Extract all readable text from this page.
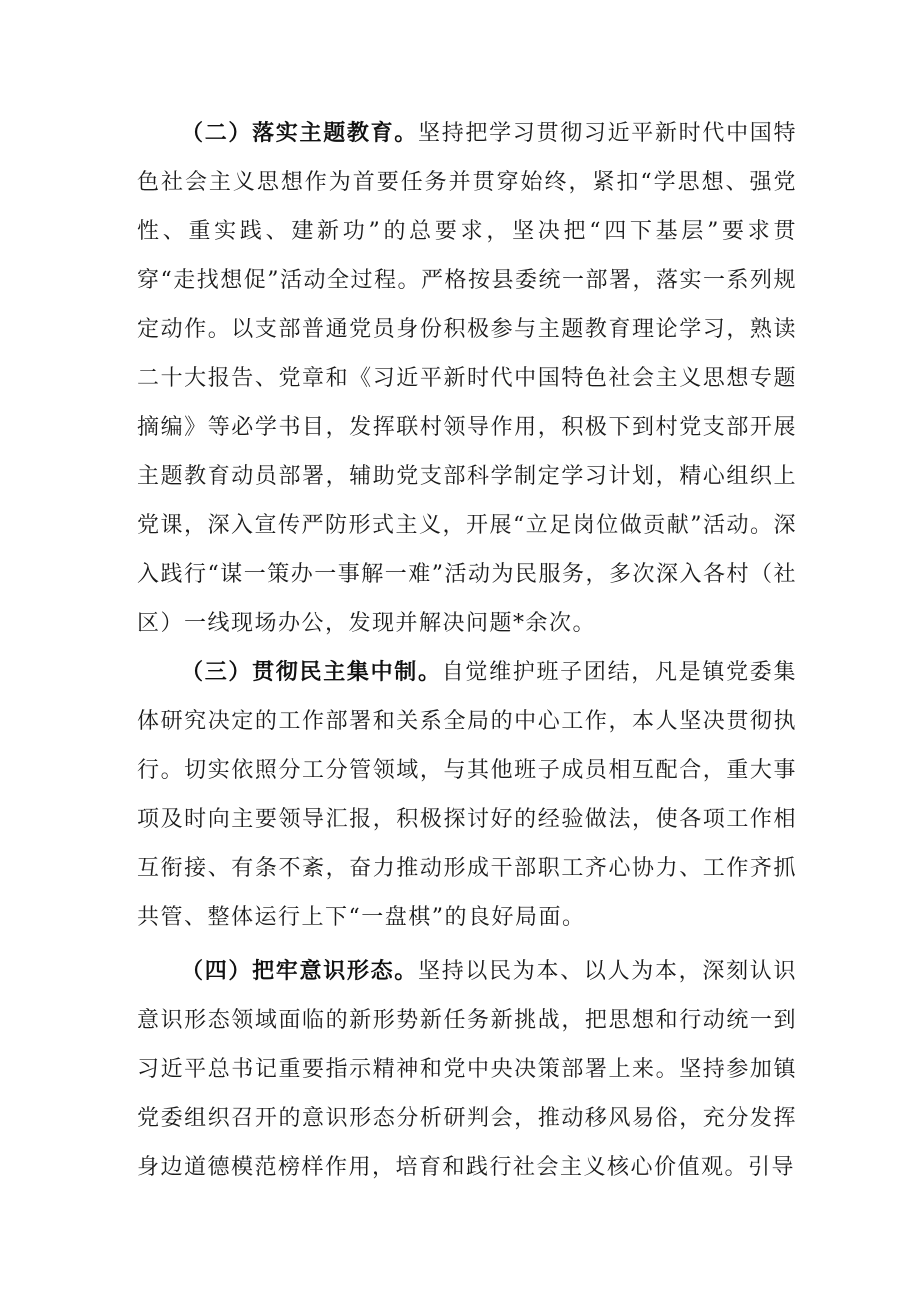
（二）落实主题教育。坚持把学习贯彻习近平新时代中国特色社会主义思想作为首要任务并贯穿始终，紧扣“学思想、强党性、重实践、建新功”的总要求，坚决把“四下基层”要求贯穿“走找想促”活动全过程。严格按县委统一部署，落实一系列规定动作。以支部普通党员身份积极参与主题教育理论学习，熟读二十大报告、党章和《习近平新时代中国特色社会主义思想专题摘编》等必学书目，发挥联村领导作用，积极下到村党支部开展主题教育动员部署，辅助党支部科学制定学习计划，精心组织上党课，深入宣传严防形式主义，开展“立足岗位做贡献”活动。深入践行“谋一策办一事解一难”活动为民服务，多次深入各村（社区）一线现场办公，发现并解决问题*余次。

（三）贯彻民主集中制。自觉维护班子团结，凡是镇党委集体研究决定的工作部署和关系全局的中心工作，本人坚决贯彻执行。切实依照分工分管领域，与其他班子成员相互配合，重大事项及时向主要领导汇报，积极探讨好的经验做法，使各项工作相互衔接、有条不紊，奋力推动形成干部职工齐心协力、工作齐抓共管、整体运行上下“一盘棋”的良好局面。

（四）把牢意识形态。坚持以民为本、以人为本，深刻认识意识形态领域面临的新形势新任务新挑战，把思想和行动统一到习近平总书记重要指示精神和党中央决策部署上来。坚持参加镇党委组织召开的意识形态分析研判会，推动移风易俗，充分发挥身边道德模范榜样作用，培育和践行社会主义核心价值观。引导
